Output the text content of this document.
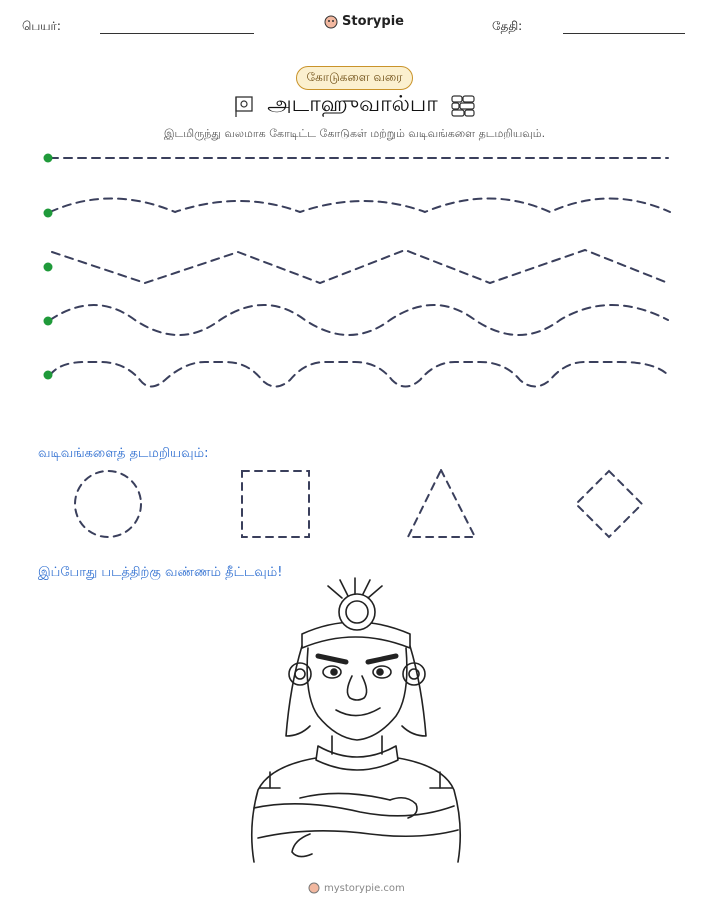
பெயர்:	Storypie	தேதி:
கோடுகளை வரை
அடாஹுவால்பா
இடமிருந்து வலமாக கோடிட்ட கோடுகள் மற்றும் வடிவங்களை தடமறியவும்.
வடிவங்களைத் தடமறியவும்:
இப்போது படத்திற்கு வண்ணம் தீட்டவும்!
mystorypie.com
